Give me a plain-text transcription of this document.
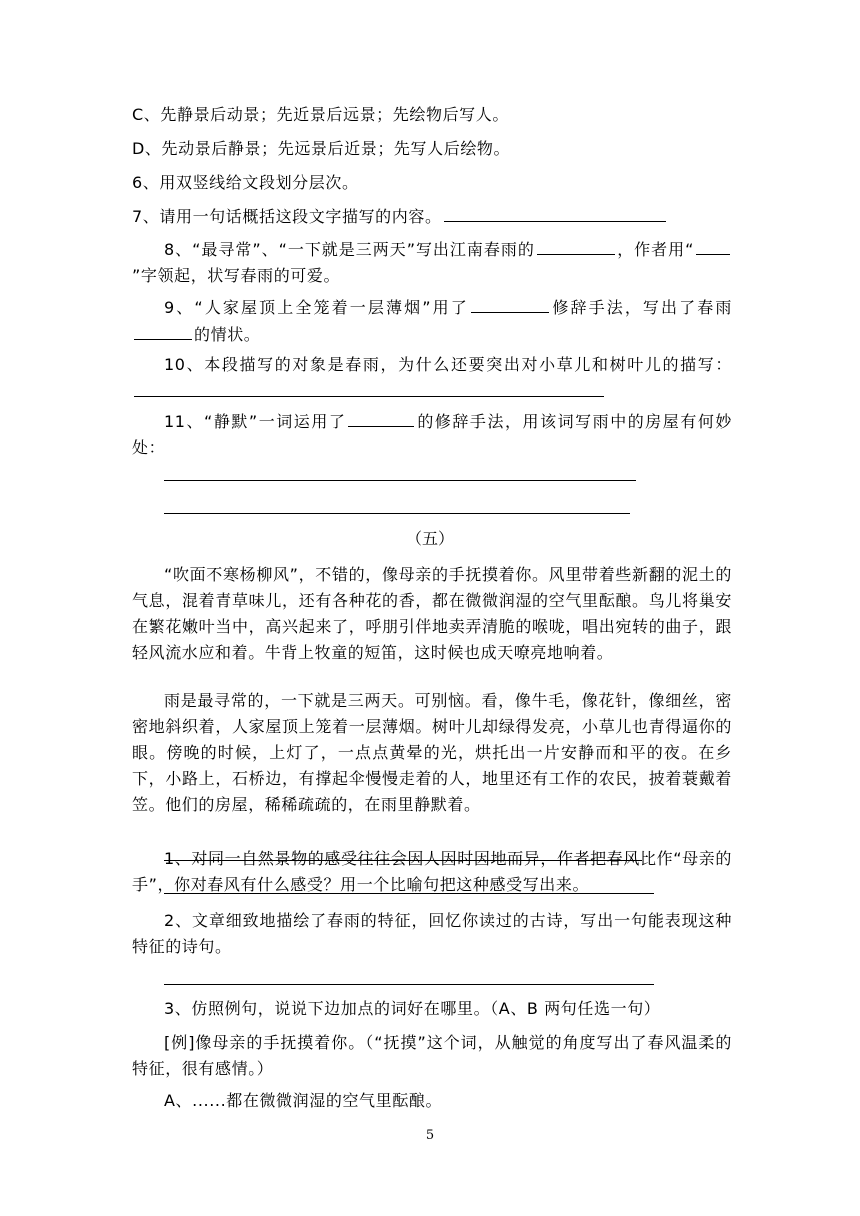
C、先静景后动景；先近景后远景；先绘物后写人。

D、先动景后静景；先远景后近景；先写人后绘物。

6、用双竖线给文段划分层次。

7、请用一句话概括这段文字描写的内容。

8、“最寻常”、“一下就是三两天”写出江南春雨的	，作者用“”字领起，状写春雨的可爱。

9、“人家屋顶上全笼着一层薄烟”用了	修辞手法，写出了春雨的情状。

10、本段描写的对象是春雨，为什么还要突出对小草儿和树叶儿的描写：

11、“静默”一词运用了	的修辞手法，用该词写雨中的房屋有何妙处：

（五）

“吹面不寒杨柳风”，不错的，像母亲的手抚摸着你。风里带着些新翻的泥土的气息，混着青草味儿，还有各种花的香，都在微微润湿的空气里酝酿。鸟儿将巢安在繁花嫩叶当中，高兴起来了，呼朋引伴地卖弄清脆的喉咙，唱出宛转的曲子，跟轻风流水应和着。牛背上牧童的短笛，这时候也成天嘹亮地响着。

雨是最寻常的，一下就是三两天。可别恼。看，像牛毛，像花针，像细丝，密密地斜织着，人家屋顶上笼着一层薄烟。树叶儿却绿得发亮，小草儿也青得逼你的眼。傍晚的时候，上灯了，一点点黄晕的光，烘托出一片安静而和平的夜。在乡下，小路上，石桥边，有撑起伞慢慢走着的人，地里还有工作的农民，披着蓑戴着笠。他们的房屋，稀稀疏疏的，在雨里静默着。

1、对同一自然景物的感受往往会因人因时因地而异，作者把春风比作“母亲的手”，你对春风有什么感受？用一个比喻句把这种感受写出来。

2、文章细致地描绘了春雨的特征，回忆你读过的古诗，写出一句能表现这种特征的诗句。

3、仿照例句，说说下边加点的词好在哪里。（A、B 两句任选一句）

[例]像母亲的手抚摸着你。（“抚摸”这个词，从触觉的角度写出了春风温柔的特征，很有感情。）

A、......都在微微润湿的空气里酝酿。

5
